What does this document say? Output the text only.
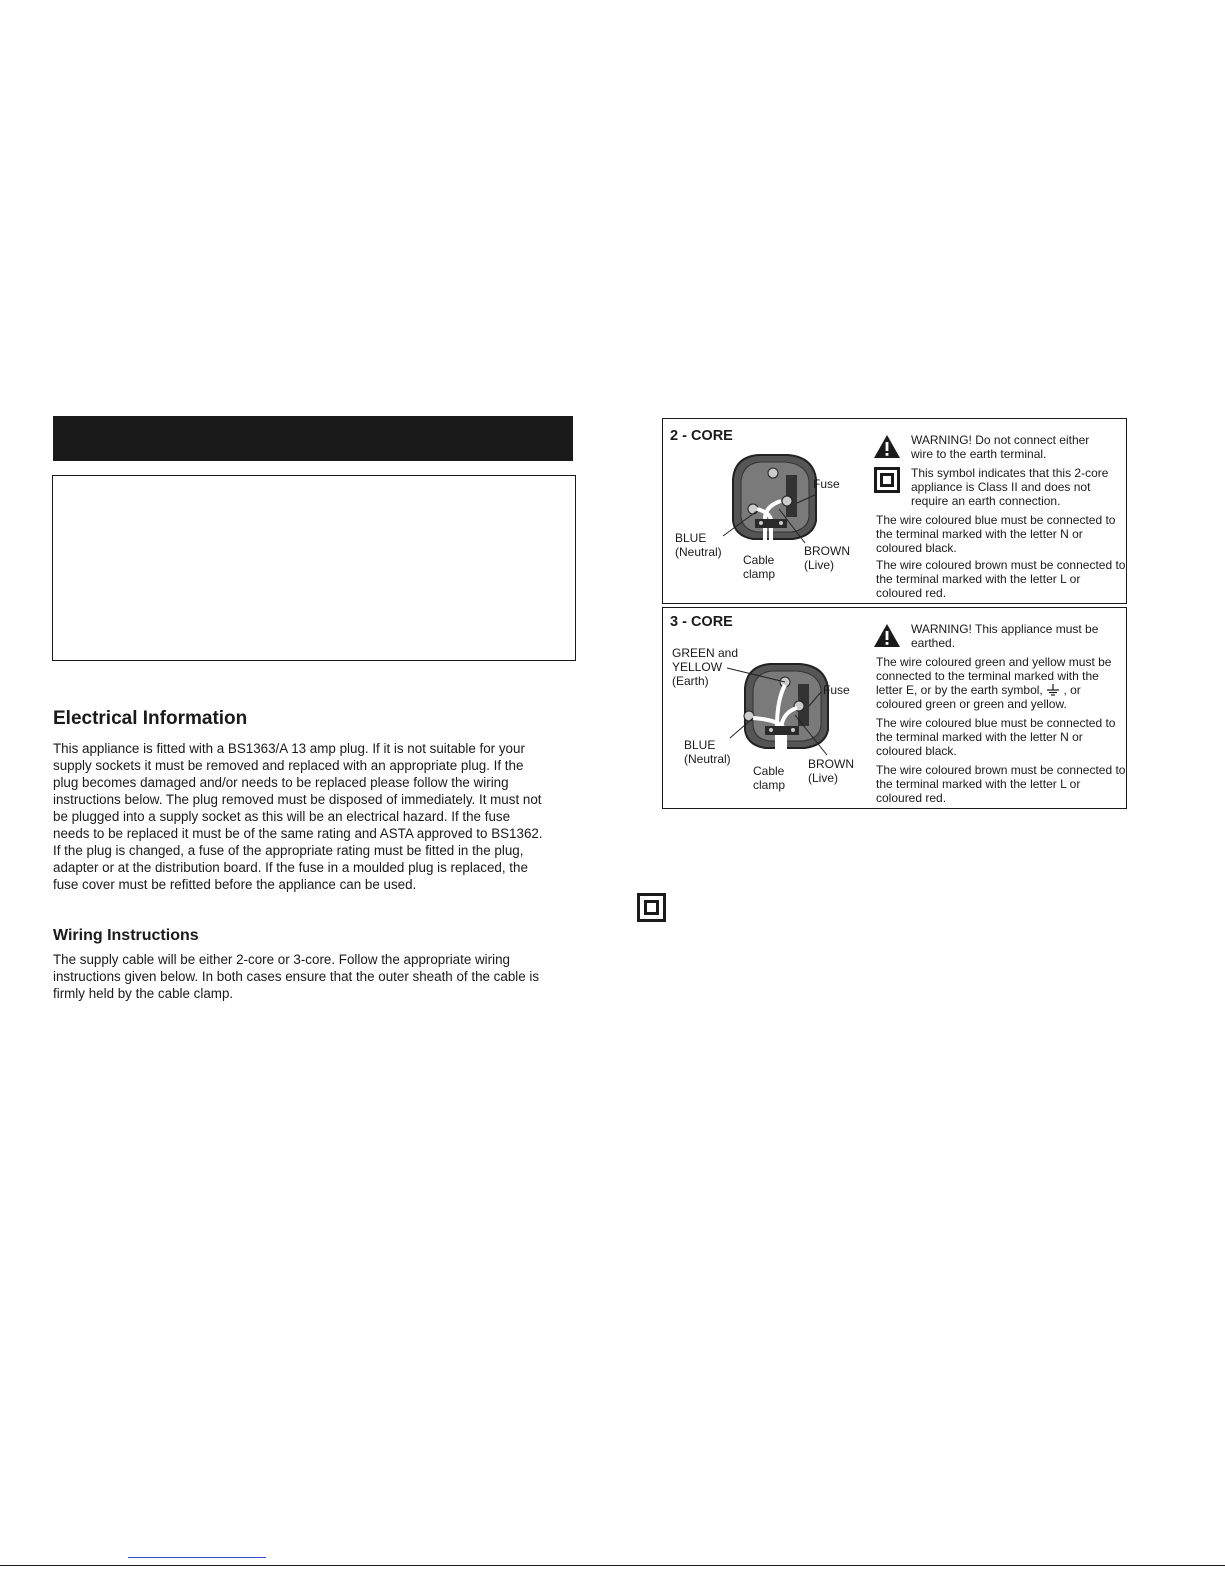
Electrical Information

This appliance is fitted with a BS1363/A 13 amp plug. If it is not suitable for your supply sockets it must be removed and replaced with an appropriate plug. If the plug becomes damaged and/or needs to be replaced please follow the wiring instructions below. The plug removed must be disposed of immediately. It must not be plugged into a supply socket as this will be an electrical hazard. If the fuse needs to be replaced it must be of the same rating and ASTA approved to BS1362. If the plug is changed, a fuse of the appropriate rating must be fitted in the plug, adapter or at the distribution board. If the fuse in a moulded plug is replaced, the fuse cover must be refitted before the appliance can be used.

Wiring Instructions

The supply cable will be either 2-core or 3-core. Follow the appropriate wiring instructions given below. In both cases ensure that the outer sheath of the cable is firmly held by the cable clamp.

2 - CORE
Fuse
BLUE
(Neutral)
Cable
clamp
BROWN
(Live)
WARNING! Do not connect either wire to the earth terminal.
This symbol indicates that this 2-core appliance is Class II and does not require an earth connection.
The wire coloured blue must be connected to the terminal marked with the letter N or coloured black.
The wire coloured brown must be connected to the terminal marked with the letter L or coloured red.
3 - CORE
GREEN and
YELLOW
(Earth)
Fuse
BLUE
(Neutral)
Cable
clamp
BROWN
(Live)
WARNING! This appliance must be earthed.
The wire coloured green and yellow must be connected to the terminal marked with the letter E, or by the earth symbol, , or coloured green or green and yellow.
The wire coloured blue must be connected to the terminal marked with the letter N or coloured black.
The wire coloured brown must be connected to the terminal marked with the letter L or coloured red.
